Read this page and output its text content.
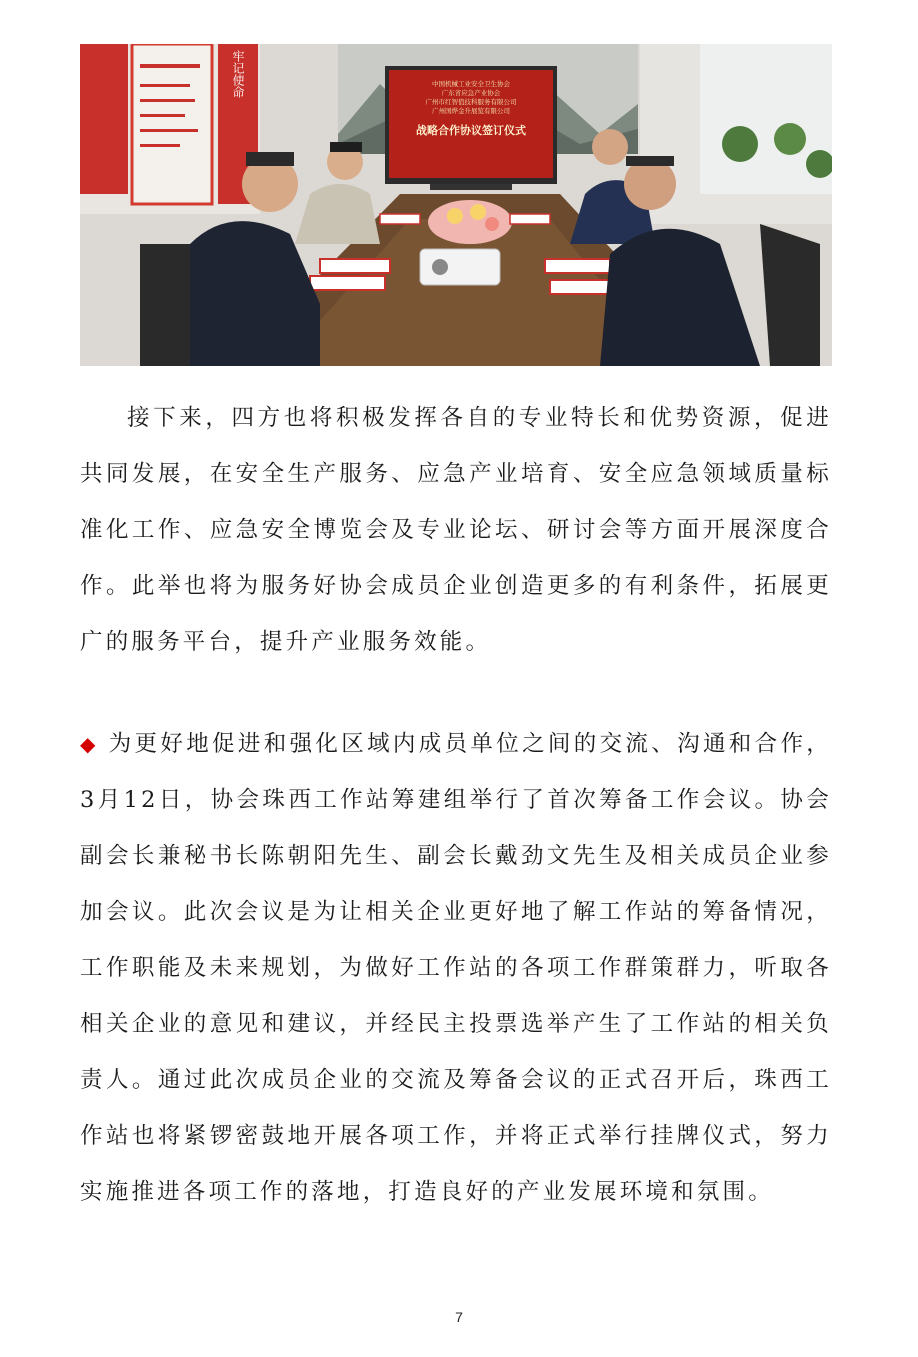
牢记使命	中国机械工业安全卫生协会
广东省应急产业协会
广州市红智值技科服务有限公司
广州国烨金升展览有限公司
战略合作协议签订仪式

接下来，四方也将积极发挥各自的专业特长和优势资源，促进共同发展，在安全生产服务、应急产业培育、安全应急领域质量标准化工作、应急安全博览会及专业论坛、研讨会等方面开展深度合作。此举也将为服务好协会成员企业创造更多的有利条件，拓展更广的服务平台，提升产业服务效能。

◆ 为更好地促进和强化区域内成员单位之间的交流、沟通和合作，3月12日，协会珠西工作站筹建组举行了首次筹备工作会议。协会副会长兼秘书长陈朝阳先生、副会长戴劲文先生及相关成员企业参加会议。此次会议是为让相关企业更好地了解工作站的筹备情况，工作职能及未来规划，为做好工作站的各项工作群策群力，听取各相关企业的意见和建议，并经民主投票选举产生了工作站的相关负责人。通过此次成员企业的交流及筹备会议的正式召开后，珠西工作站也将紧锣密鼓地开展各项工作，并将正式举行挂牌仪式，努力实施推进各项工作的落地，打造良好的产业发展环境和氛围。

7
